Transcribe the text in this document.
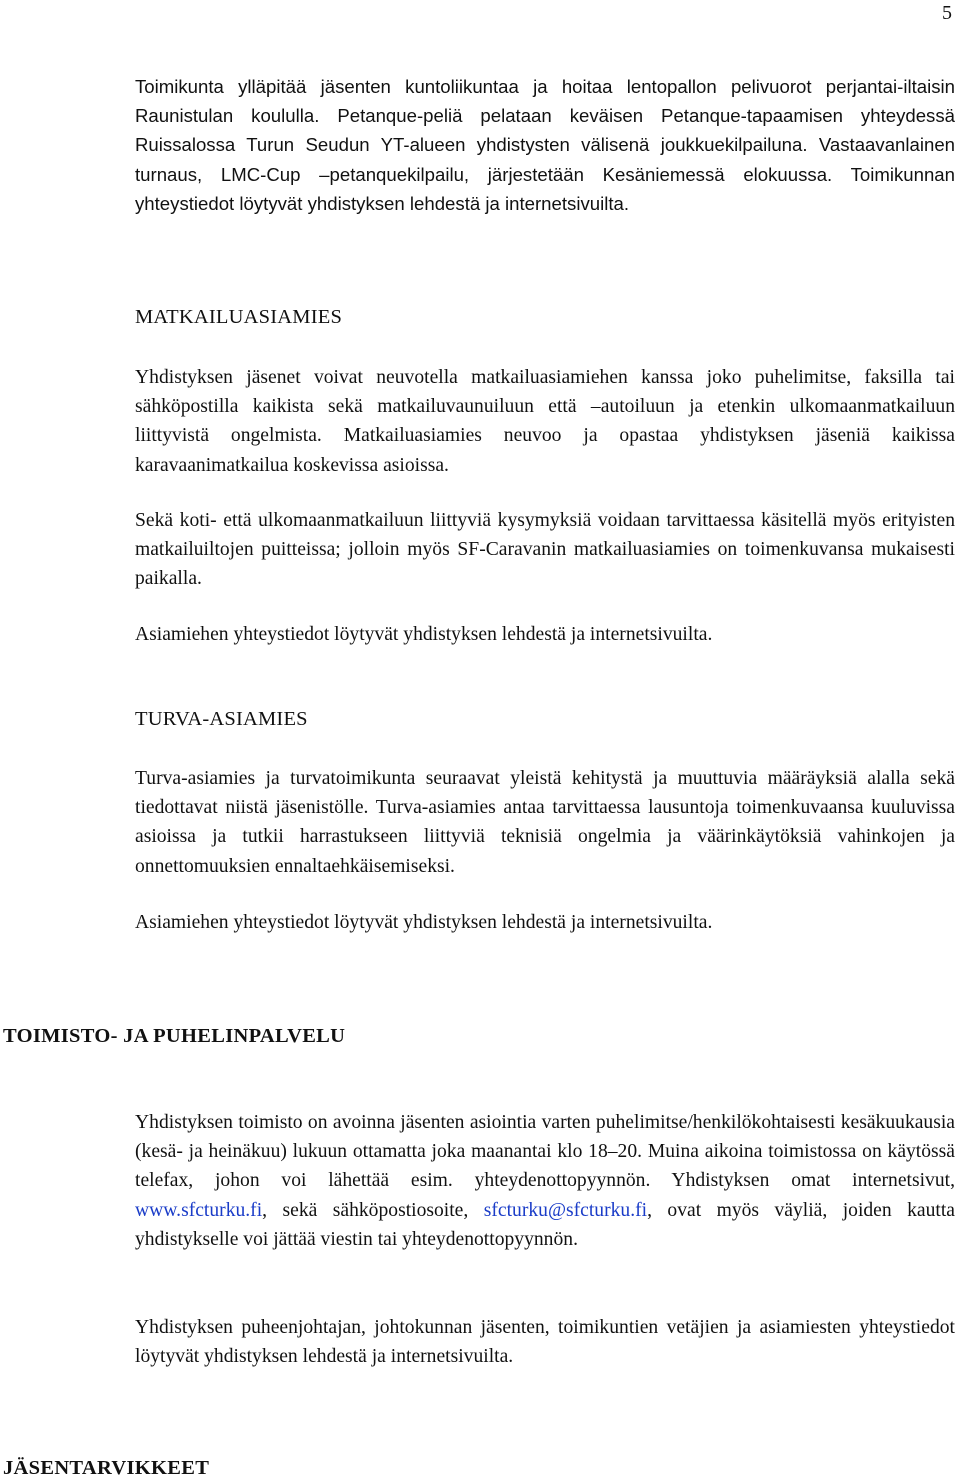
5

Toimikunta ylläpitää jäsenten kuntoliikuntaa ja hoitaa lentopallon pelivuorot perjantai-iltaisin Raunistulan koululla. Petanque-peliä pelataan keväisen Petanque-tapaamisen yhteydessä Ruissalossa Turun Seudun YT-alueen yhdistysten välisenä joukkuekilpailuna. Vastaavanlainen turnaus, LMC-Cup –petanquekilpailu, järjestetään Kesäniemessä elokuussa. Toimikunnan yhteystiedot löytyvät yhdistyksen lehdestä ja internetsivuilta.

MATKAILUASIAMIES

Yhdistyksen jäsenet voivat neuvotella matkailuasiamiehen kanssa joko puhelimitse, faksilla tai sähköpostilla kaikista sekä matkailuvaunuiluun että –autoiluun ja etenkin ulkomaanmatkailuun liittyvistä ongelmista. Matkailuasiamies neuvoo ja opastaa yhdistyksen jäseniä kaikissa karavaanimatkailua koskevissa asioissa.

Sekä koti- että ulkomaanmatkailuun liittyviä kysymyksiä voidaan tarvittaessa käsitellä myös erityisten matkailuiltojen puitteissa; jolloin myös SF-Caravanin matkailuasiamies on toimenkuvansa mukaisesti paikalla.

Asiamiehen yhteystiedot löytyvät yhdistyksen lehdestä ja internetsivuilta.

TURVA-ASIAMIES

Turva-asiamies ja turvatoimikunta seuraavat yleistä kehitystä ja muuttuvia määräyksiä alalla sekä tiedottavat niistä jäsenistölle. Turva-asiamies antaa tarvittaessa lausuntoja toimenkuvaansa kuuluvissa asioissa ja tutkii harrastukseen liittyviä teknisiä ongelmia ja väärinkäytöksiä vahinkojen ja onnettomuuksien ennaltaehkäisemiseksi.

Asiamiehen yhteystiedot löytyvät yhdistyksen lehdestä ja internetsivuilta.

TOIMISTO- JA PUHELINPALVELU

Yhdistyksen toimisto on avoinna jäsenten asiointia varten puhelimitse/henkilökohtaisesti kesäkuukausia (kesä- ja heinäkuu) lukuun ottamatta joka maanantai klo 18–20. Muina aikoina toimistossa on käytössä telefax, johon voi lähettää esim. yhteydenottopyynnön. Yhdistyksen omat internetsivut, www.sfcturku.fi, sekä sähköpostiosoite, sfcturku@sfcturku.fi, ovat myös väyliä, joiden kautta yhdistykselle voi jättää viestin tai yhteydenottopyynnön.

Yhdistyksen puheenjohtajan, johtokunnan jäsenten, toimikuntien vetäjien ja asiamiesten yhteystiedot löytyvät yhdistyksen lehdestä ja internetsivuilta.

JÄSENTARVIKKEET
